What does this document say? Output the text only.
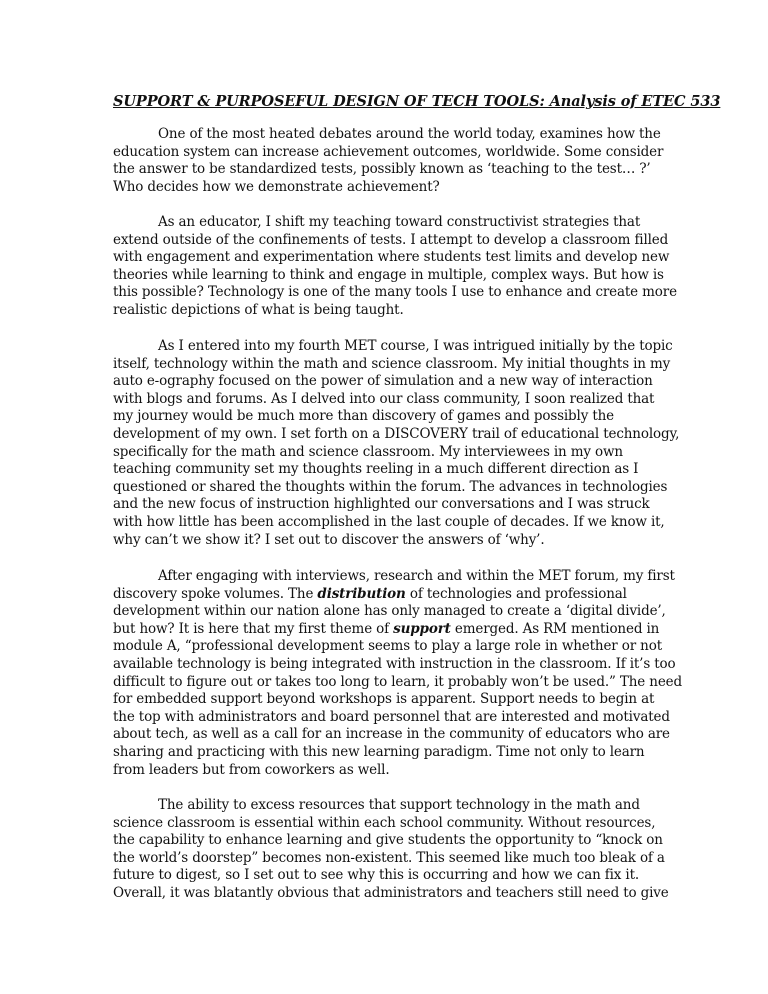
SUPPORT & PURPOSEFUL DESIGN OF TECH TOOLS: Analysis of ETEC 533
One of the most heated debates around the world today, examines how the
education system can increase achievement outcomes, worldwide. Some consider
the answer to be standardized tests, possibly known as ‘teaching to the test… ?’
Who decides how we demonstrate achievement?
As an educator, I shift my teaching toward constructivist strategies that
extend outside of the confinements of tests. I attempt to develop a classroom filled
with engagement and experimentation where students test limits and develop new
theories while learning to think and engage in multiple, complex ways. But how is
this possible? Technology is one of the many tools I use to enhance and create more
realistic depictions of what is being taught.
As I entered into my fourth MET course, I was intrigued initially by the topic
itself, technology within the math and science classroom. My initial thoughts in my
auto e-ography focused on the power of simulation and a new way of interaction
with blogs and forums. As I delved into our class community, I soon realized that
my journey would be much more than discovery of games and possibly the
development of my own. I set forth on a DISCOVERY trail of educational technology,
specifically for the math and science classroom. My interviewees in my own
teaching community set my thoughts reeling in a much different direction as I
questioned or shared the thoughts within the forum. The advances in technologies
and the new focus of instruction highlighted our conversations and I was struck
with how little has been accomplished in the last couple of decades. If we know it,
why can’t we show it? I set out to discover the answers of ‘why’.
After engaging with interviews, research and within the MET forum, my first
discovery spoke volumes. The distribution of technologies and professional
development within our nation alone has only managed to create a ‘digital divide’,
but how? It is here that my first theme of support emerged. As RM mentioned in
module A, “professional development seems to play a large role in whether or not
available technology is being integrated with instruction in the classroom. If it’s too
difficult to figure out or takes too long to learn, it probably won’t be used.” The need
for embedded support beyond workshops is apparent. Support needs to begin at
the top with administrators and board personnel that are interested and motivated
about tech, as well as a call for an increase in the community of educators who are
sharing and practicing with this new learning paradigm. Time not only to learn
from leaders but from coworkers as well.
The ability to excess resources that support technology in the math and
science classroom is essential within each school community. Without resources,
the capability to enhance learning and give students the opportunity to “knock on
the world’s doorstep” becomes non-existent. This seemed like much too bleak of a
future to digest, so I set out to see why this is occurring and how we can fix it.
Overall, it was blatantly obvious that administrators and teachers still need to give
